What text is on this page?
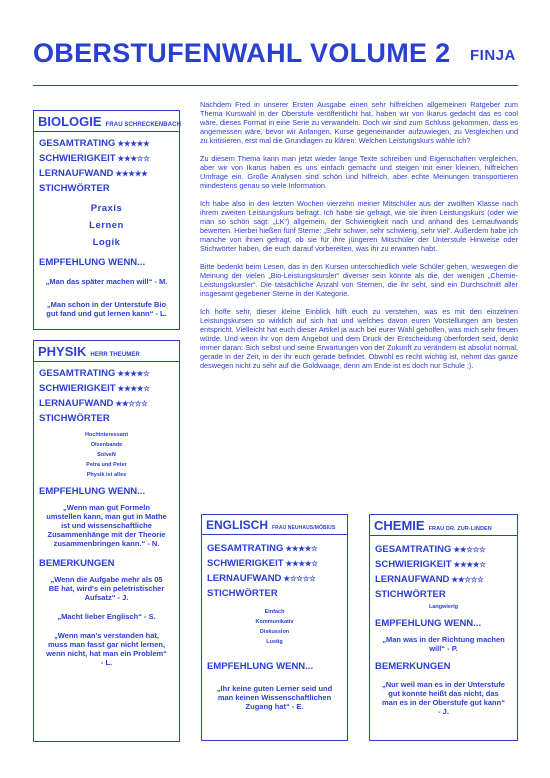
OBERSTUFENWAHL VOLUME 2 FINJA
BIOLOGIE FRAU SCHRECKENBACH
GESAMTRATING ★★★★★
SCHWIERIGKEIT ★★★☆☆
LERNAUFWAND ★★★★★
STICHWÖRTER
Praxis
Lernen
Logik
EMPFEHLUNG WENN...
„Man das später machen will“ - M.
„Man schon in der Unterstufe Bio gut fand und gut lernen kann“ - L.
PHYSIK HERR THEUMER
GESAMTRATING ★★★★☆
SCHWIERIGKEIT ★★★★☆
LERNAUFWAND ★★☆☆☆
STICHWÖRTER
Hochinteressant
Olsenbande
SolveN
Petra und Peter
Physik ist alles
EMPFEHLUNG WENN...
„Wenn man gut Formeln umstellen kann, man gut in Mathe ist und wissenschaftliche Zusammenhänge mit der Theorie zusammenbringen kann.“ - N.
BEMERKUNGEN
„Wenn die Aufgabe mehr als 05 BE hat, wird's ein peletristischer Aufsatz“ - J.
„Macht lieber Englisch“ - S.
„Wenn man's verstanden hat, muss man fasst gar nicht lernen, wenn nicht, hat man ein Problem“ - L.
ENGLISCH FRAU NEUHAUS/MÖBIUS
GESAMTRATING ★★★★☆
SCHWIERIGKEIT ★★★★☆
LERNAUFWAND ★☆☆☆☆
STICHWÖRTER
Einfach
Kommunikativ
Diskussion
Lustig
EMPFEHLUNG WENN...
„Ihr keine guten Lerner seid und man keinen Wissenschaftlichen Zugang hat“ - E.
CHEMIE FRAU DR. ZUR-LINDEN
GESAMTRATING ★★☆☆☆
SCHWIERIGKEIT ★★★★☆
LERNAUFWAND ★★☆☆☆
STICHWÖRTER
Langwierig
EMPFEHLUNG WENN...
„Man was in der Richtung machen will“ - P.
BEMERKUNGEN
„Nur weil man es in der Unterstufe gut konnte heißt das nicht, das man es in der Oberstufe gut kann“ - J.

Nachdem Fred in unserer Ersten Ausgabe einen sehr hilfreichen allgemeinen Ratgeber zum Thema Kurswahl in der Oberstufe veröffentlicht hat, haben wir von Ikarus gedacht das es cool wäre, dieses Format in eine Serie zu verwandeln. Doch wir sind zum Schluss gekommen, dass es angemessen wäre, bevor wir Anfangen, Kurse gegeneinander aufzuwiegen, zu Vergleichen und zu kritisieren, erst mal die Grundlagen zu klären: Welchen Leistungskurs wähle ich?

Zu diesem Thema kann man jetzt wieder lange Texte schreiben und Eigenschaften vergleichen, aber wir von Ikarus haben es uns einfach gemacht und steigen mit einer kleinen, hilfreichen Umfrage ein. Große Analysen sind schön und hilfreich, aber echte Meinungen transportieren mindestens genau so viele Information.

Ich habe also in den letzten Wochen vierzehn meiner Mitschüler aus der zwölften Klasse nach ihrem zweiten Leistungskurs befragt. Ich habe sie gefragt, wie sie ihren Leistungskurs (oder wie man so schön sagt: „LK“) allgemein, der Schwierigkeit nach und anhand des Lernaufwands bewerten. Hierbei hießen fünf Sterne: „Sehr schwer, sehr schwierig, sehr viel“. Außerdem habe ich manche von ihnen gefragt, ob sie für ihre jüngeren Mitschüler der Unterstufe Hinweise oder Stichwörter haben, die euch darauf vorbereiten, was ihr zu erwarten habt.

Bitte bedenkt beim Lesen, das in den Kursen unterschiedlich viele Schüler gehen, weswegen die Meinung der vielen „Bio-Leistungskursler“ diverser sein könnte als die, der wenigen „Chemie-Leistungskursler“. Die tatsächliche Anzahl von Sternen, die ihr seht, sind ein Durchschnitt aller insgesamt gegebener Sterne in der Kategorie.

Ich hoffe sehr, dieser kleine Einblick hilft euch zu verstehen, was es mit den einzelnen Leistungskursen so wirklich auf sich hat und welches davon euren Vorstellungen am besten entspricht. Vielleicht hat euch dieser Artikel ja auch bei eurer Wahl geholfen, was mich sehr freuen würde. Und wenn ihr von dem Angebot und dem Druck der Entscheidung überfordert seid, denkt immer daran: Sich selbst und seine Erwartungen von der Zukunft zu verändern ist absolut normal, gerade in der Zeit, in der ihr euch gerade befindet. Obwohl es recht wichtig ist, nehmt das ganze deswegen nicht zu sehr auf die Goldwaage, denn am Ende ist es doch nur Schule ;).
